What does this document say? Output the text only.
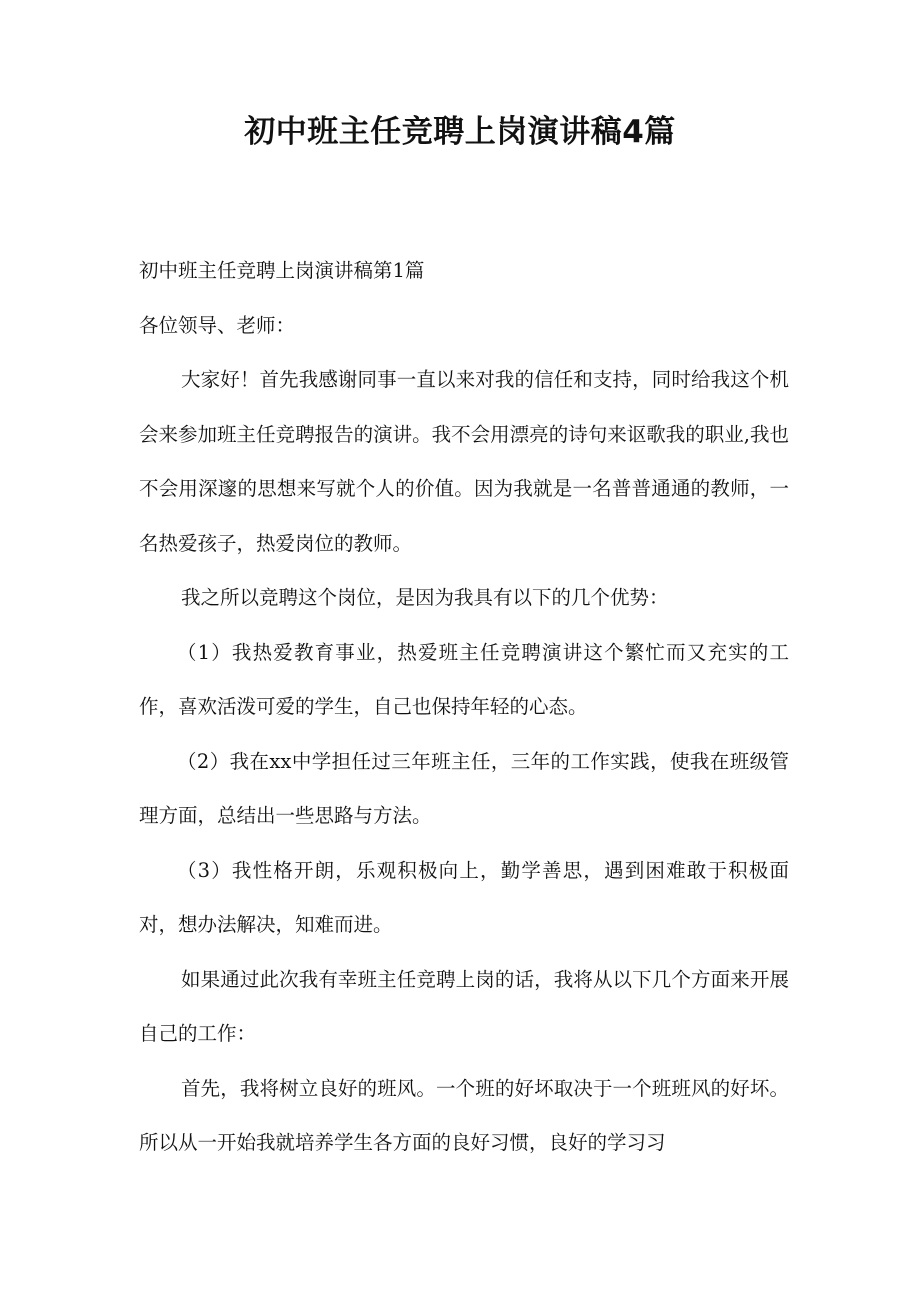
初中班主任竞聘上岗演讲稿4篇

初中班主任竞聘上岗演讲稿第1篇

各位领导、老师：

大家好！首先我感谢同事一直以来对我的信任和支持，同时给我这个机会来参加班主任竞聘报告的演讲。我不会用漂亮的诗句来讴歌我的职业,我也不会用深邃的思想来写就个人的价值。因为我就是一名普普通通的教师，一名热爱孩子，热爱岗位的教师。

我之所以竞聘这个岗位，是因为我具有以下的几个优势：

（1）我热爱教育事业，热爱班主任竞聘演讲这个繁忙而又充实的工作，喜欢活泼可爱的学生，自己也保持年轻的心态。

（2）我在xx中学担任过三年班主任，三年的工作实践，使我在班级管理方面，总结出一些思路与方法。

（3）我性格开朗，乐观积极向上，勤学善思，遇到困难敢于积极面对，想办法解决，知难而进。

如果通过此次我有幸班主任竞聘上岗的话，我将从以下几个方面来开展自己的工作：

首先，我将树立良好的班风。一个班的好坏取决于一个班班风的好坏。所以从一开始我就培养学生各方面的良好习惯，良好的学习习
